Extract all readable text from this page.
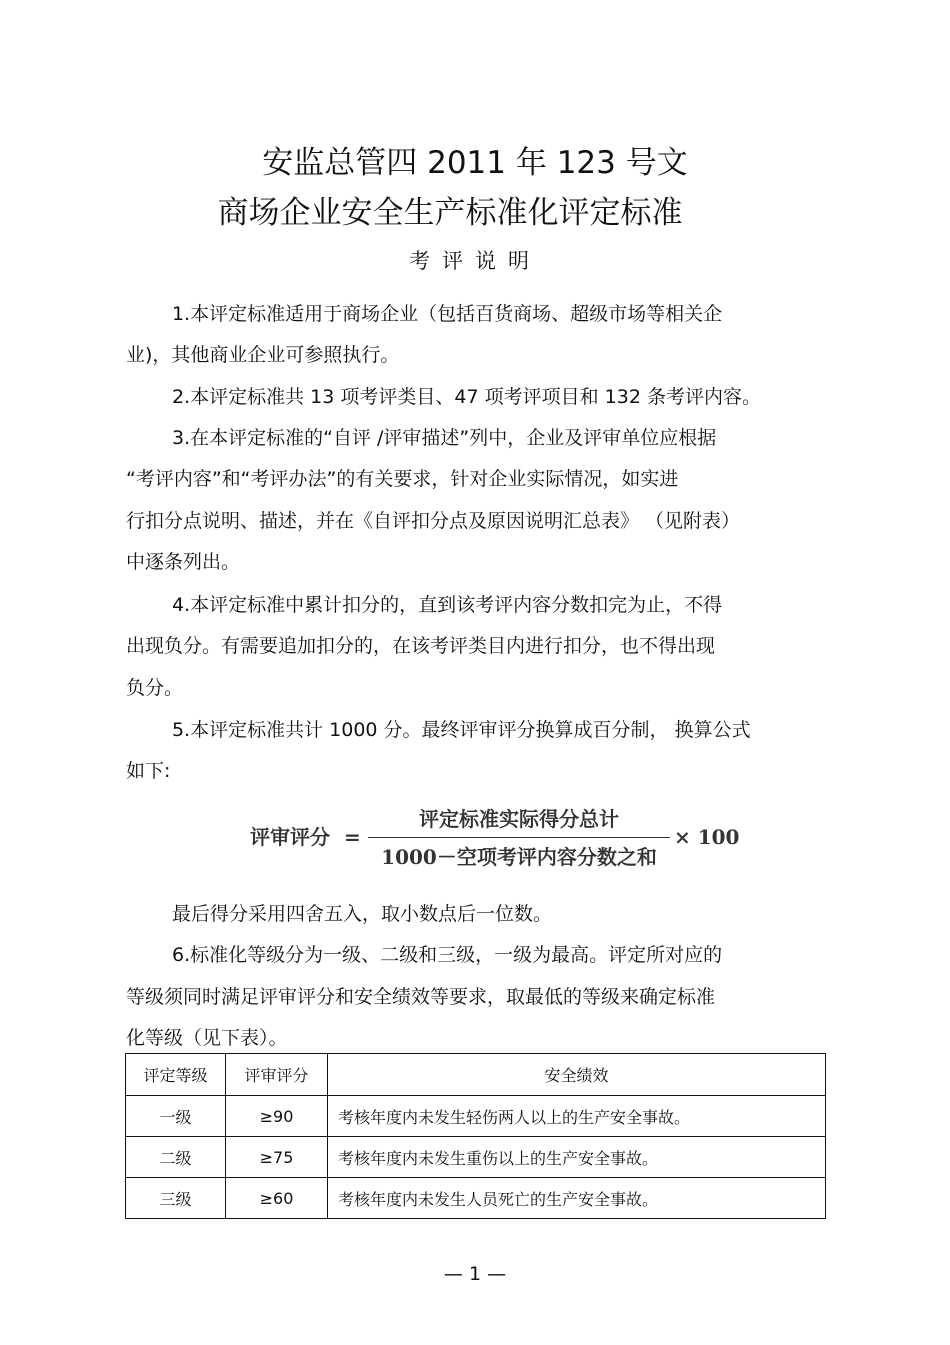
安监总管四 2011 年 123 号文
商场企业安全生产标准化评定标准
考评说明
1.本评定标准适用于商场企业（包括百货商场、超级市场等相关企
业)，其他商业企业可参照执行。
2.本评定标准共 13 项考评类目、47 项考评项目和 132 条考评内容。
3.在本评定标准的“自评 /评审描述”列中，企业及评审单位应根据
“考评内容”和“考评办法”的有关要求，针对企业实际情况，如实进
行扣分点说明、描述，并在《自评扣分点及原因说明汇总表》 （见附表）
中逐条列出。
4.本评定标准中累计扣分的，直到该考评内容分数扣完为止，不得
出现负分。有需要追加扣分的，在该考评类目内进行扣分，也不得出现
负分。
5.本评定标准共计 1000 分。最终评审评分换算成百分制， 换算公式
如下:
评审评分 =
评定标准实际得分总计
1000－空项考评内容分数之和
× 100
最后得分采用四舍五入，取小数点后一位数。
6.标准化等级分为一级、二级和三级，一级为最高。评定所对应的
等级须同时满足评审评分和安全绩效等要求，取最低的等级来确定标准
化等级（见下表）。
评定等级	评审评分	安全绩效
一级	≥90	考核年度内未发生轻伤两人以上的生产安全事故。
二级	≥75	考核年度内未发生重伤以上的生产安全事故。
三级	≥60	考核年度内未发生人员死亡的生产安全事故。
— 1 —
